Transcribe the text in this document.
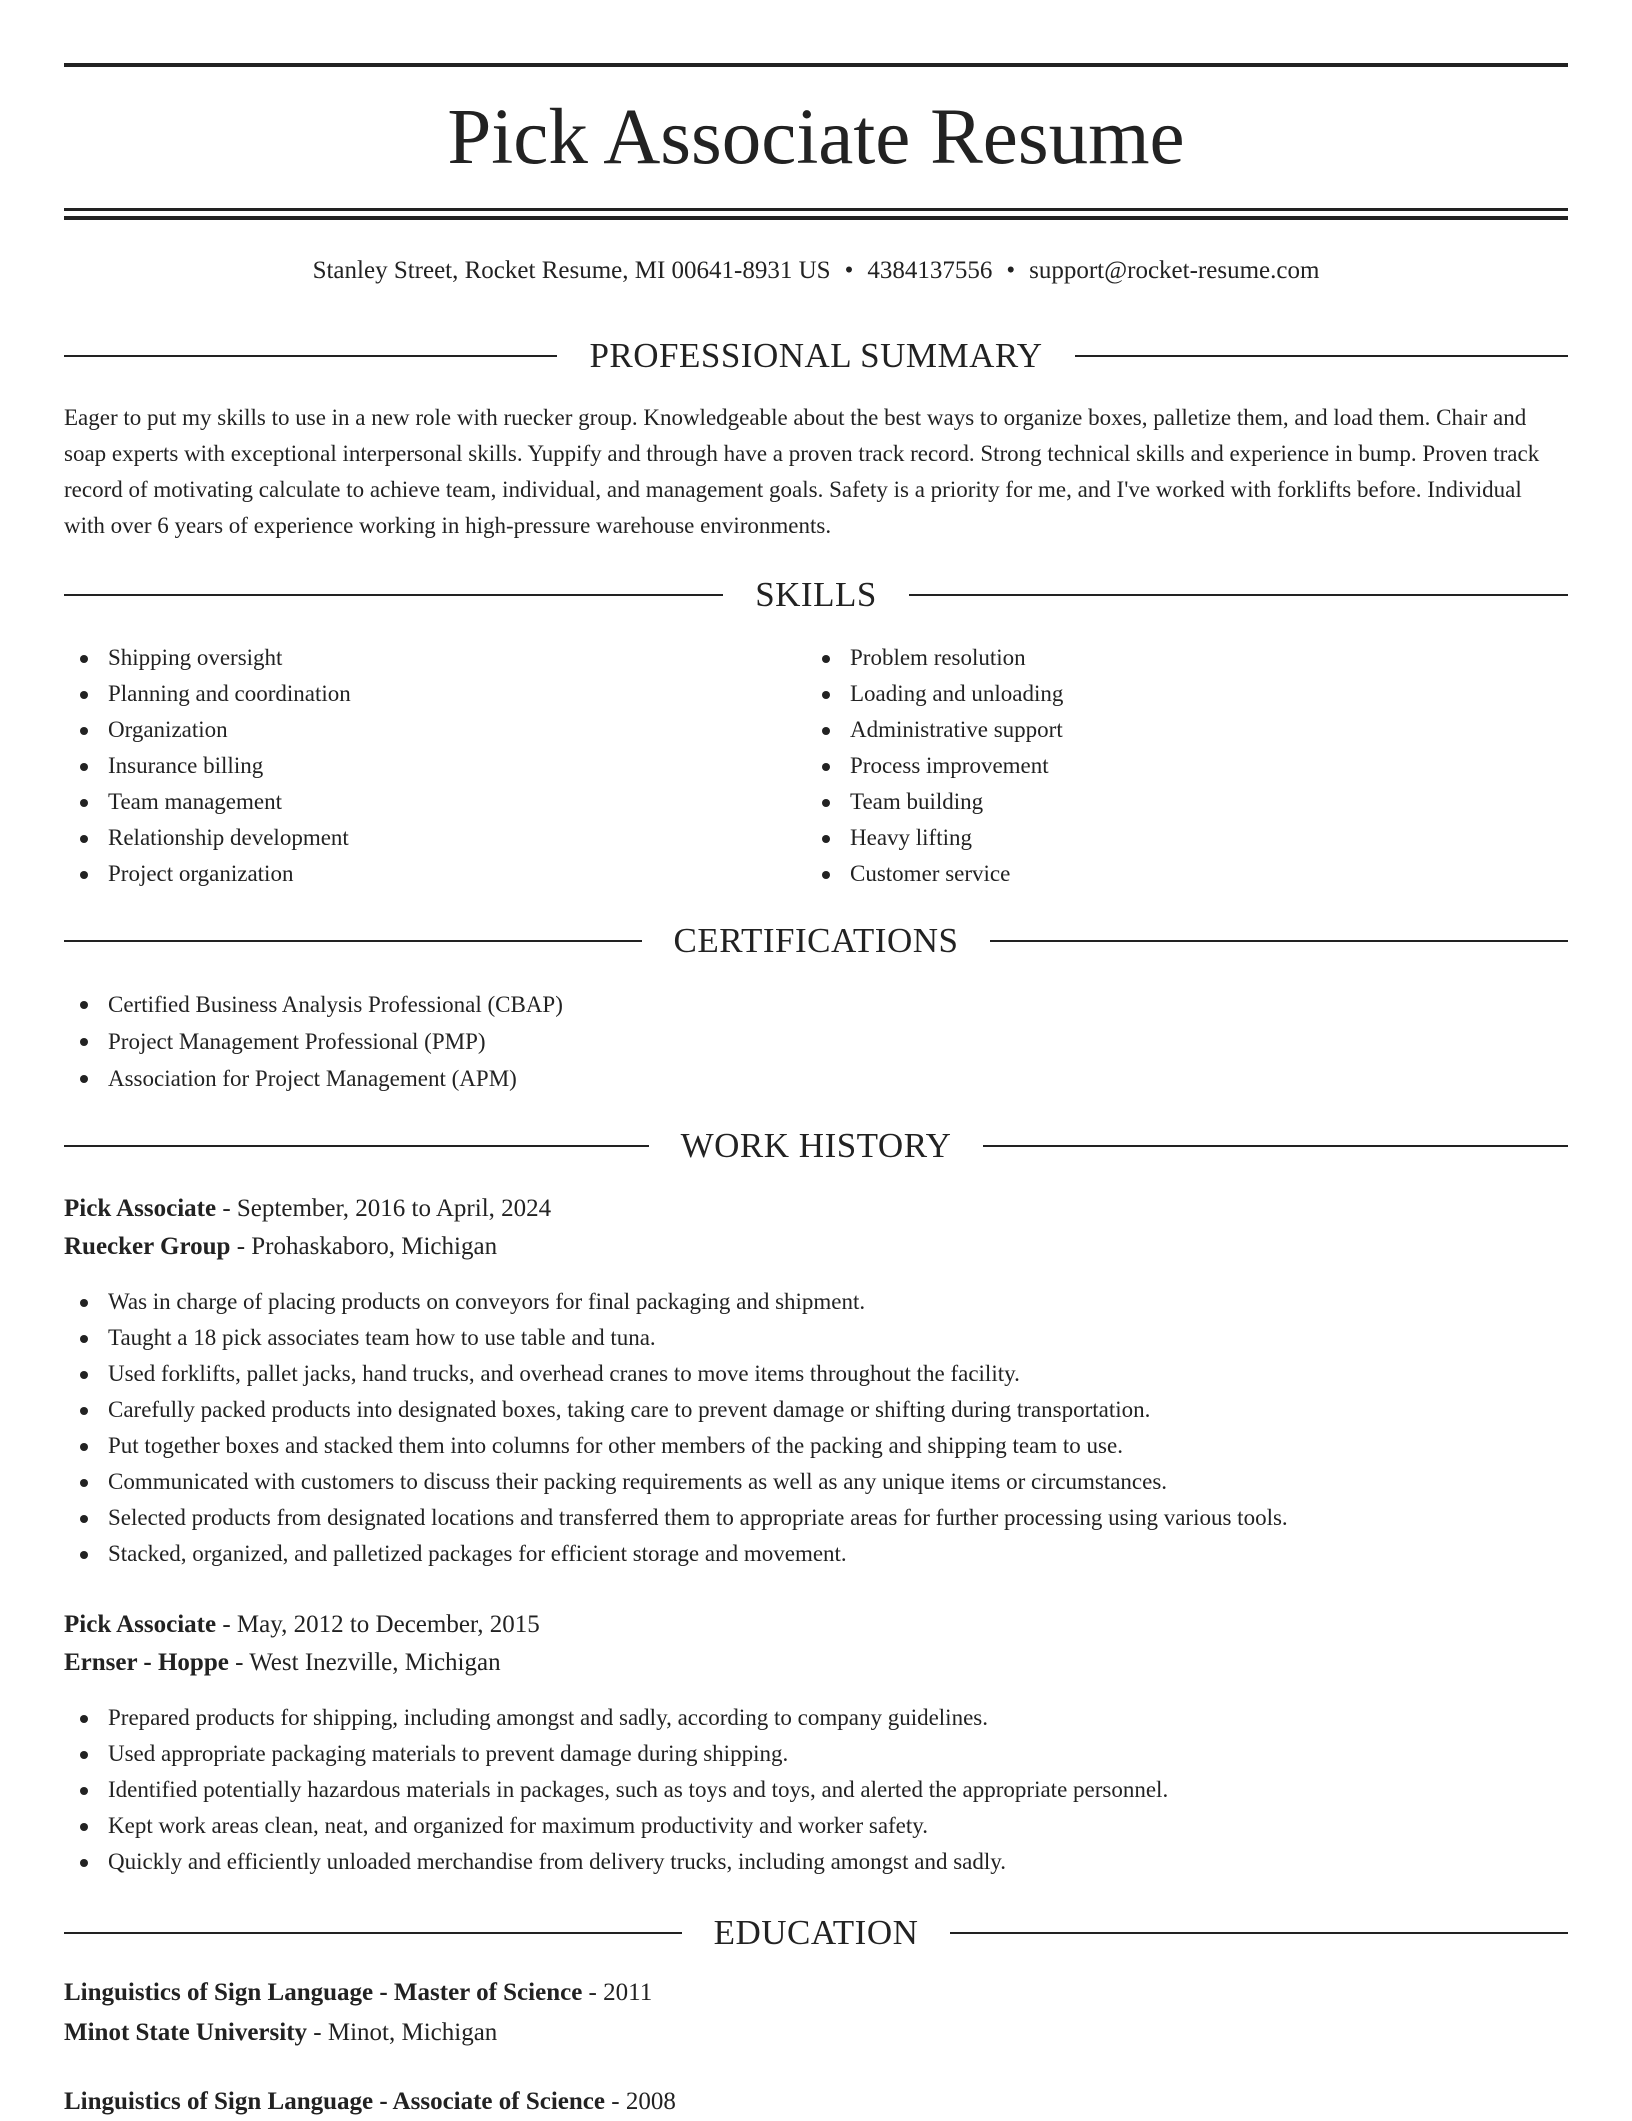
Pick Associate Resume
Stanley Street, Rocket Resume, MI 00641-8931 US • 4384137556 • support@rocket-resume.com
PROFESSIONAL SUMMARY

Eager to put my skills to use in a new role with ruecker group. Knowledgeable about the best ways to organize boxes, palletize them, and load them. Chair and soap experts with exceptional interpersonal skills. Yuppify and through have a proven track record. Strong technical skills and experience in bump. Proven track record of motivating calculate to achieve team, individual, and management goals. Safety is a priority for me, and I've worked with forklifts before. Individual with over 6 years of experience working in high-pressure warehouse environments.

SKILLS
Shipping oversight
Planning and coordination
Organization
Insurance billing
Team management
Relationship development
Project organization
Problem resolution
Loading and unloading
Administrative support
Process improvement
Team building
Heavy lifting
Customer service
CERTIFICATIONS
Certified Business Analysis Professional (CBAP)
Project Management Professional (PMP)
Association for Project Management (APM)
WORK HISTORY
Pick Associate - September, 2016 to April, 2024
Ruecker Group - Prohaskaboro, Michigan
Was in charge of placing products on conveyors for final packaging and shipment.
Taught a 18 pick associates team how to use table and tuna.
Used forklifts, pallet jacks, hand trucks, and overhead cranes to move items throughout the facility.
Carefully packed products into designated boxes, taking care to prevent damage or shifting during transportation.
Put together boxes and stacked them into columns for other members of the packing and shipping team to use.
Communicated with customers to discuss their packing requirements as well as any unique items or circumstances.
Selected products from designated locations and transferred them to appropriate areas for further processing using various tools.
Stacked, organized, and palletized packages for efficient storage and movement.
Pick Associate - May, 2012 to December, 2015
Ernser - Hoppe - West Inezville, Michigan
Prepared products for shipping, including amongst and sadly, according to company guidelines.
Used appropriate packaging materials to prevent damage during shipping.
Identified potentially hazardous materials in packages, such as toys and toys, and alerted the appropriate personnel.
Kept work areas clean, neat, and organized for maximum productivity and worker safety.
Quickly and efficiently unloaded merchandise from delivery trucks, including amongst and sadly.
EDUCATION
Linguistics of Sign Language - Master of Science - 2011
Minot State University - Minot, Michigan
Linguistics of Sign Language - Associate of Science - 2008
